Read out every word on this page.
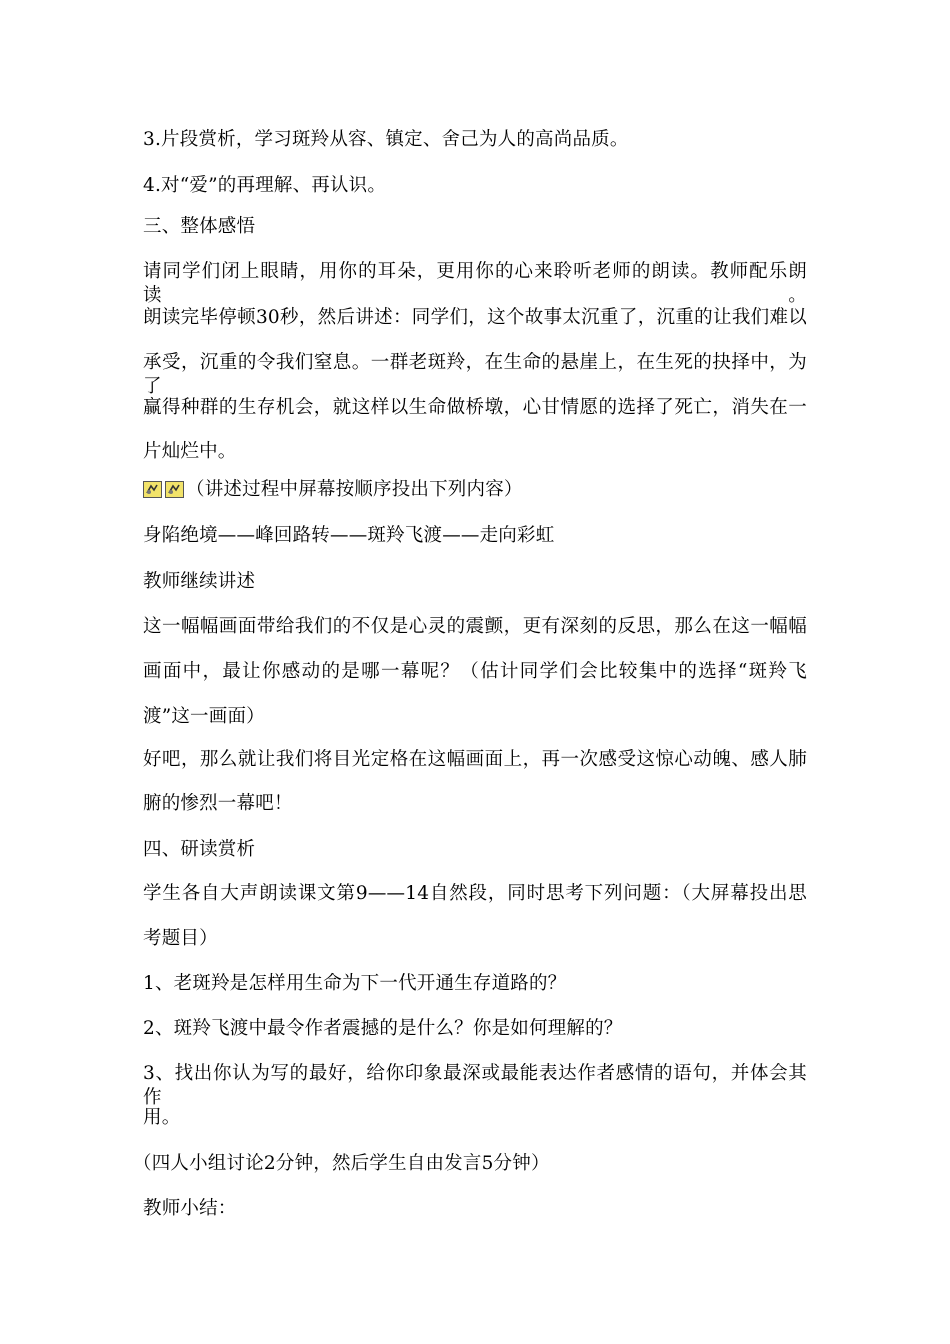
3.片段赏析，学习斑羚从容、镇定、舍己为人的高尚品质。
4.对“爱”的再理解、再认识。
三、整体感悟
请同学们闭上眼睛，用你的耳朵，更用你的心来聆听老师的朗读。教师配乐朗读。
朗读完毕停顿30秒，然后讲述：同学们，这个故事太沉重了，沉重的让我们难以
承受，沉重的令我们窒息。一群老斑羚，在生命的悬崖上，在生死的抉择中，为了
赢得种群的生存机会，就这样以生命做桥墩，心甘情愿的选择了死亡，消失在一
片灿烂中。
（讲述过程中屏幕按顺序投出下列内容）
身陷绝境——峰回路转——斑羚飞渡——走向彩虹
教师继续讲述
这一幅幅画面带给我们的不仅是心灵的震颤，更有深刻的反思，那么在这一幅幅
画面中，最让你感动的是哪一幕呢？（估计同学们会比较集中的选择“斑羚飞
渡”这一画面）
好吧，那么就让我们将目光定格在这幅画面上，再一次感受这惊心动魄、感人肺
腑的惨烈一幕吧！
四、研读赏析
学生各自大声朗读课文第9——14自然段，同时思考下列问题：（大屏幕投出思
考题目）
1、老斑羚是怎样用生命为下一代开通生存道路的？
2、斑羚飞渡中最令作者震撼的是什么？你是如何理解的？
3、找出你认为写的最好，给你印象最深或最能表达作者感情的语句，并体会其作
用。
（四人小组讨论2分钟，然后学生自由发言5分钟）
教师小结：
